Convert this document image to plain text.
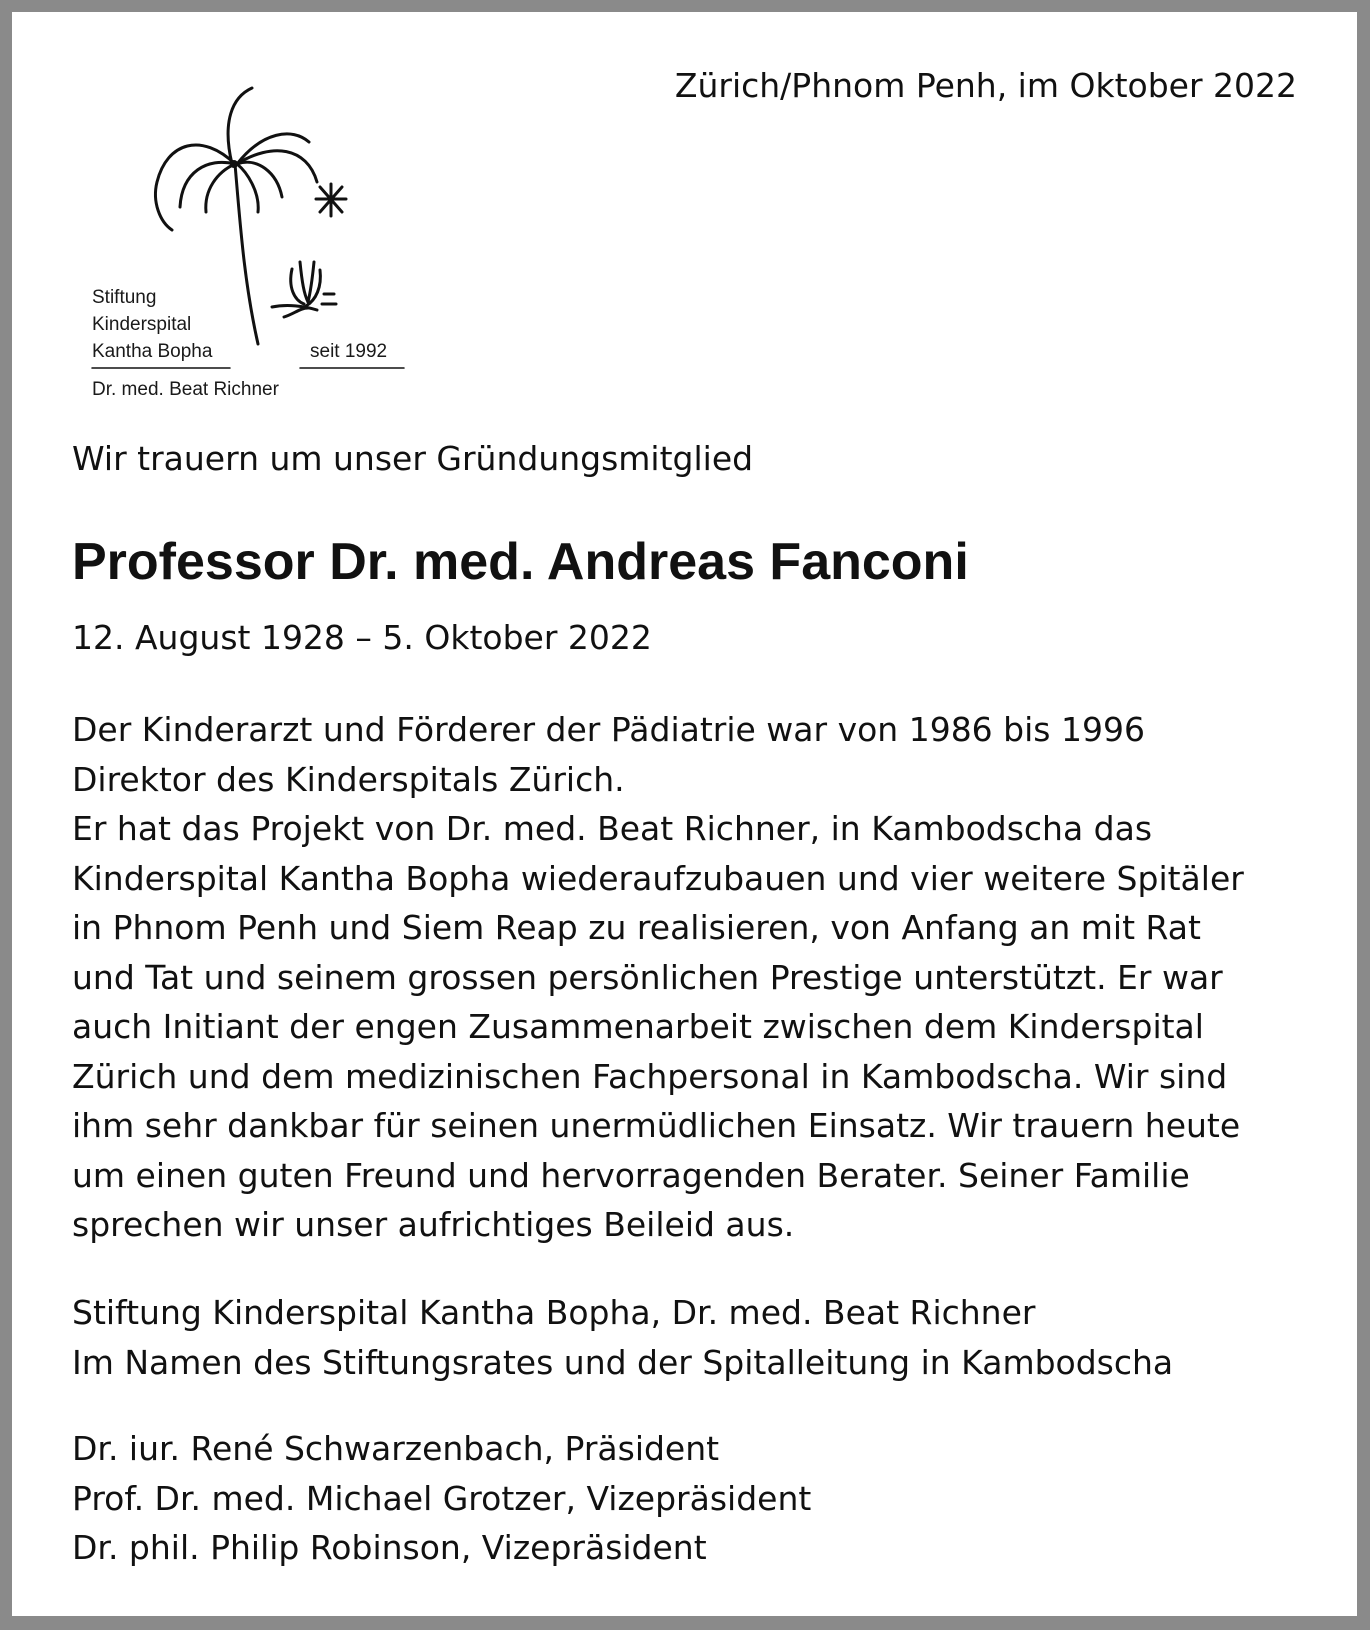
Stiftung
Kinderspital
Kantha Bopha	seit 1992
Dr. med. Beat Richner
Zürich/Phnom Penh, im Oktober 2022
Wir trauern um unser Gründungsmitglied
Professor Dr. med. Andreas Fanconi
12. August 1928 – 5. Oktober 2022

Der Kinderarzt und Förderer der Pädiatrie war von 1986 bis 1996 Direktor des Kinderspitals Zürich.

Er hat das Projekt von Dr. med. Beat Richner, in Kambodscha das Kinderspital Kantha Bopha wiederaufzubauen und vier weitere Spitäler in Phnom Penh und Siem Reap zu realisieren, von Anfang an mit Rat und Tat und seinem grossen persönlichen Prestige unterstützt. Er war auch Initiant der engen Zusammenarbeit zwischen dem Kinderspital Zürich und dem medizinischen Fachpersonal in Kambodscha. Wir sind ihm sehr dankbar für seinen unermüdlichen Einsatz. Wir trauern heute um einen guten Freund und hervorragenden Berater. Seiner Familie sprechen wir unser aufrichtiges Beileid aus.

Stiftung Kinderspital Kantha Bopha, Dr. med. Beat Richner
Im Namen des Stiftungsrates und der Spitalleitung in Kambodscha
Dr. iur. René Schwarzenbach, Präsident
Prof. Dr. med. Michael Grotzer, Vizepräsident
Dr. phil. Philip Robinson, Vizepräsident
